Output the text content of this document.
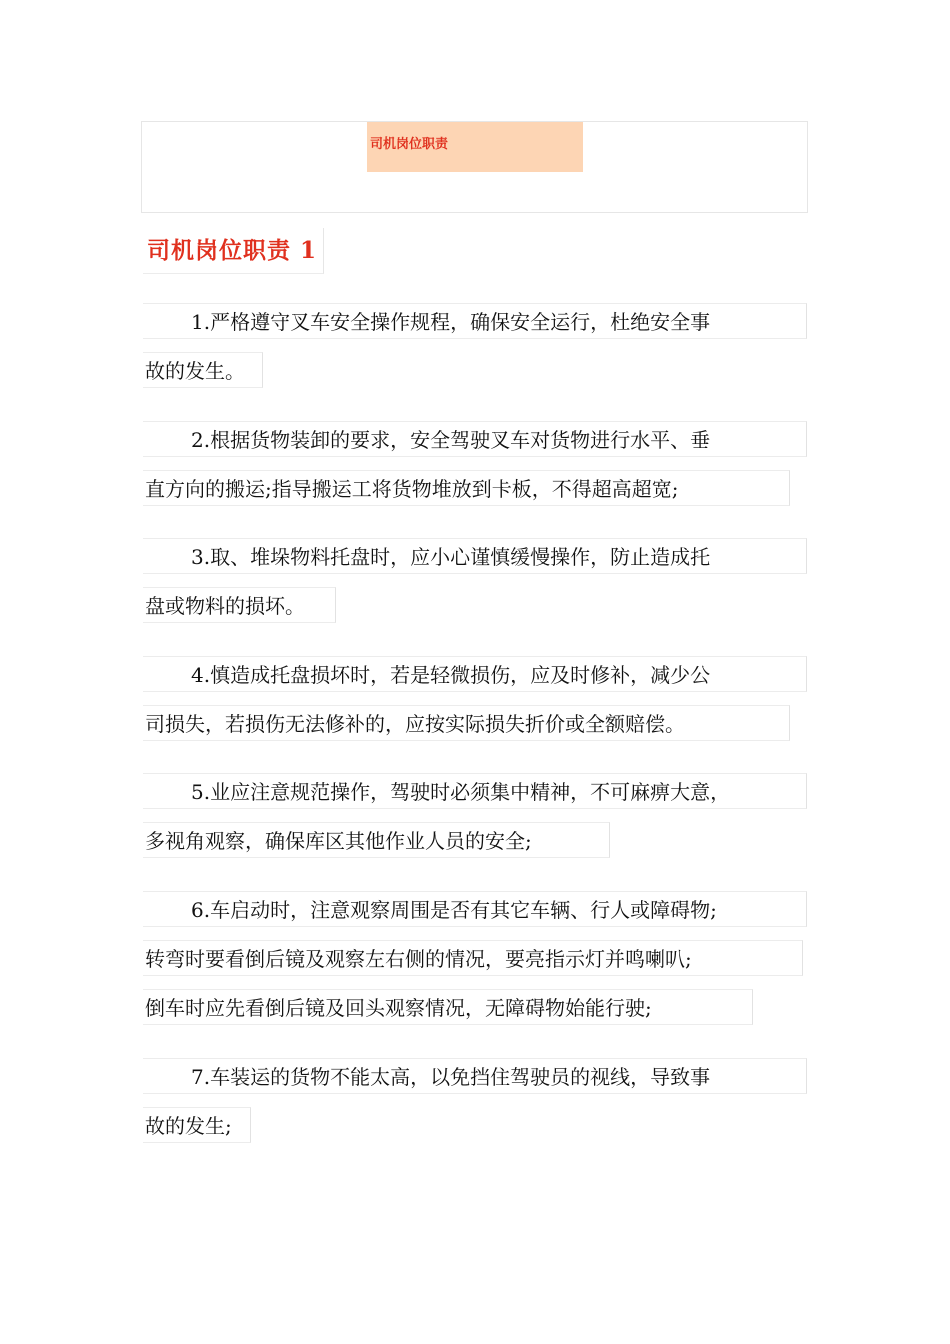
司机岗位职责
司机岗位职责 1
1.严格遵守叉车安全操作规程，确保安全运行，杜绝安全事
故的发生。
2.根据货物装卸的要求，安全驾驶叉车对货物进行水平、垂
直方向的搬运;指导搬运工将货物堆放到卡板，不得超高超宽;
3.取、堆垛物料托盘时，应小心谨慎缓慢操作，防止造成托
盘或物料的损坏。
4.慎造成托盘损坏时，若是轻微损伤，应及时修补，减少公
司损失，若损伤无法修补的，应按实际损失折价或全额赔偿。
5.业应注意规范操作，驾驶时必须集中精神，不可麻痹大意，
多视角观察，确保库区其他作业人员的安全;
6.车启动时，注意观察周围是否有其它车辆、行人或障碍物;
转弯时要看倒后镜及观察左右侧的情况，要亮指示灯并鸣喇叭;
倒车时应先看倒后镜及回头观察情况，无障碍物始能行驶;
7.车装运的货物不能太高，以免挡住驾驶员的视线，导致事
故的发生;
